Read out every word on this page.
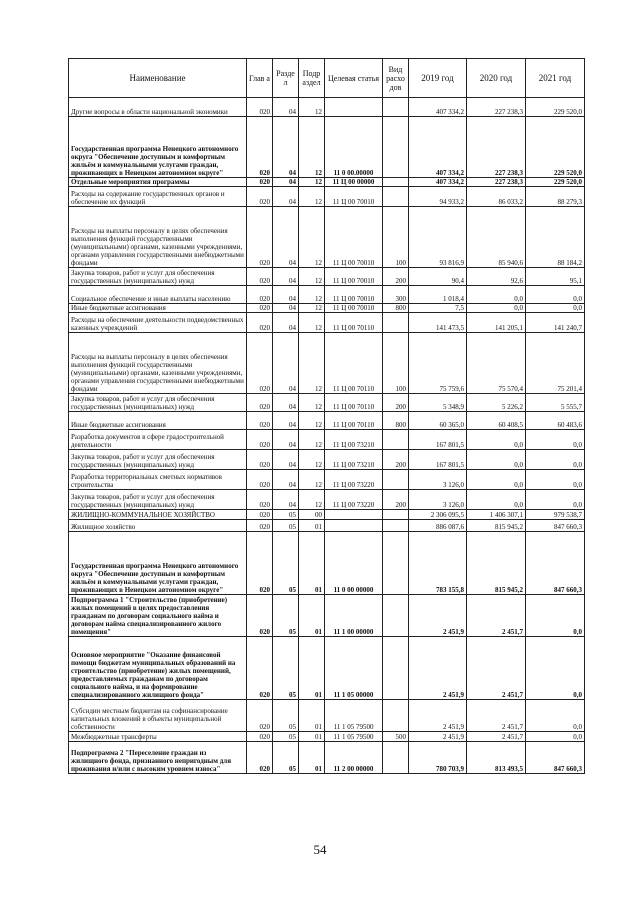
Наименование	Глав а	Разде л	Подр аздел	Целевая статья	Вид расхо дов	2019 год	2020 год	2021 год
Другие вопросы в области национальной экономики	020	04	12			407 334,2	227 238,3	229 520,0
Государственная программа Ненецкого автономного округа "Обеспечение доступным и комфортным жильём и коммунальными услугами граждан, проживающих в Ненецком автономном округе"	020	04	12	11 0 00.00000		407 334,2	227 238,3	229 520,0
Отдельные мероприятия программы	020	04	12	11 Ц 00 00000		407 334,2	227 238,3	229 520,0
Расходы на содержание государственных органов и обеспечение их функций	020	04	12	11 Ц 00 70010		94 933,2	86 033,2	88 279,3
Расходы на выплаты персоналу в целях обеспечения выполнения функций государственными (муниципальными) органами, казенными учреждениями, органами управления государственными внебюджетными фондами	020	04	12	11 Ц 00 70010	100	93 816,9	85 940,6	88 184,2
Закупка товаров, работ и услуг для обеспечения государственных (муниципальных) нужд	020	04	12	11 Ц 00 70010	200	90,4	92,6	95,1
Социальное обеспечение и иные выплаты населению	020	04	12	11 Ц 00 70010	300	1 018,4	0,0	0,0
Иные бюджетные ассигнования	020	04	12	11 Ц 00 70010	800	7,5	0,0	0,0
Расходы на обеспечение деятельности подведомственных казенных учреждений	020	04	12	11 Ц 00 70110		141 473,5	141 205,1	141 240,7
Расходы на выплаты персоналу в целях обеспечения выполнения функций государственными (муниципальными) органами, казенными учреждениями, органами управления государственными внебюджетными фондами	020	04	12	11 Ц 00 70110	100	75 759,6	75 570,4	75 201,4
Закупка товаров, работ и услуг для обеспечения государственных (муниципальных) нужд	020	04	12	11 Ц 00 70110	200	5 348,9	5 226,2	5 555,7
Иные бюджетные ассигнования	020	04	12	11 Ц 00 70110	800	60 365,0	60 408,5	60 483,6
Разработка документов в сфере градостроительной деятельности	020	04	12	11 Ц 00 73210		167 801,5	0,0	0,0
Закупка товаров, работ и услуг для обеспечения государственных (муниципальных) нужд	020	04	12	11 Ц 00 73210	200	167 801,5	0,0	0,0
Разработка территориальных сметных нормативов строительства	020	04	12	11 Ц 00 73220		3 126,0	0,0	0,0
Закупка товаров, работ и услуг для обеспечения государственных (муниципальных) нужд	020	04	12	11 Ц 00 73220	200	3 126,0	0,0	0,0
ЖИЛИЩНО-КОММУНАЛЬНОЕ ХОЗЯЙСТВО	020	05	00			2 306 095,5	1 406 307,1	979 538,7
Жилищное хозяйство	020	05	01			886 087,6	815 945,2	847 660,3
Государственная программа Ненецкого автономного округа "Обеспечение доступным и комфортным жильём и коммунальными услугами граждан, проживающих в Ненецком автономном округе"	020	05	01	11 0 00 00000		783 155,8	815 945,2	847 660,3
Подпрограмма 1 "Строительство (приобретение) жилых помещений в целях предоставления гражданам по договорам социального найма и договорам найма специализированного жилого помещения"	020	05	01	11 1 00 00000		2 451,9	2 451,7	0,0
Основное мероприятие "Оказание финансовой помощи бюджетам муниципальных образований на строительство (приобретение) жилых помещений, предоставляемых гражданам по договорам социального найма, и на формирование специализированного жилищного фонда"	020	05	01	11 1 05 00000		2 451,9	2 451,7	0,0
Субсидии местным бюджетам на софинансирование капитальных вложений в объекты муниципальной собственности	020	05	01	11 1 05 79500		2 451,9	2 451,7	0,0
Межбюджетные трансферты	020	05	01	11 1 05 79500	500	2 451,9	2 451,7	0,0
Подпрограмма 2 "Переселение граждан из жилищного фонда, признанного непригодным для проживания и/или с высоким уровнем износа"	020	05	01	11 2 00 00000		780 703,9	813 493,5	847 660,3
54
